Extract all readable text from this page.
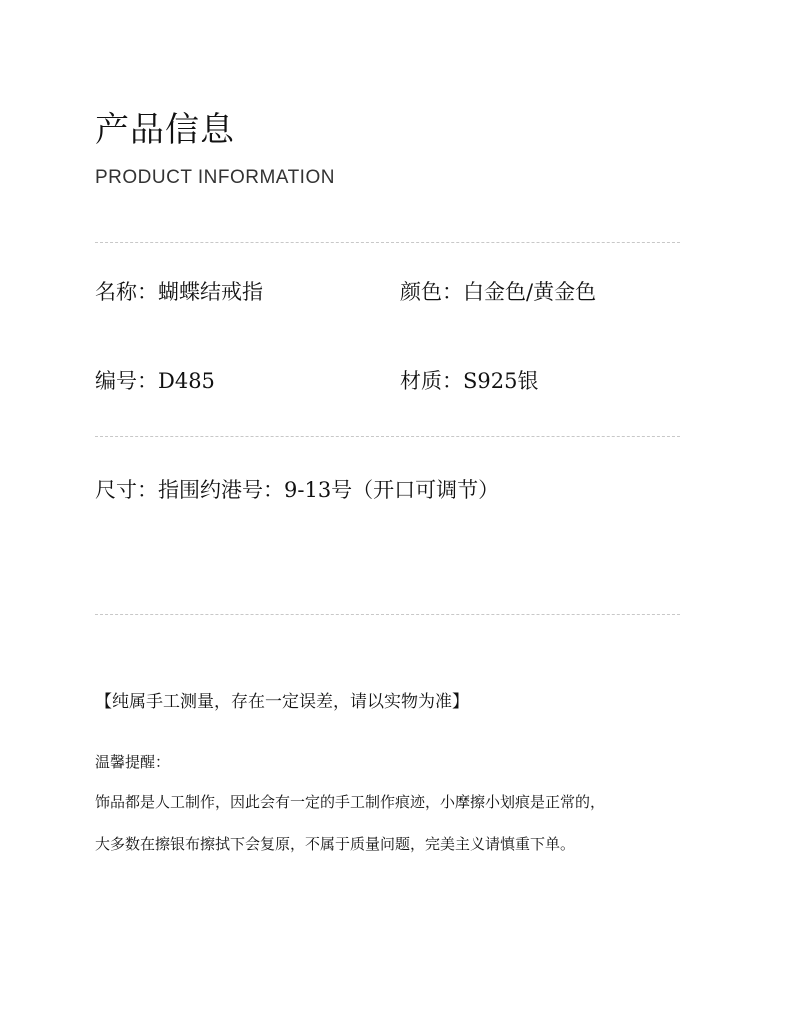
产品信息
PRODUCT INFORMATION
名称：蝴蝶结戒指	颜色：白金色/黄金色
编号：D485	材质：S925银
尺寸：指围约港号：9-13号（开口可调节）
【纯属手工测量，存在一定误差，请以实物为准】
温馨提醒：
饰品都是人工制作，因此会有一定的手工制作痕迹，小摩擦小划痕是正常的，
大多数在擦银布擦拭下会复原，不属于质量问题，完美主义请慎重下单。
